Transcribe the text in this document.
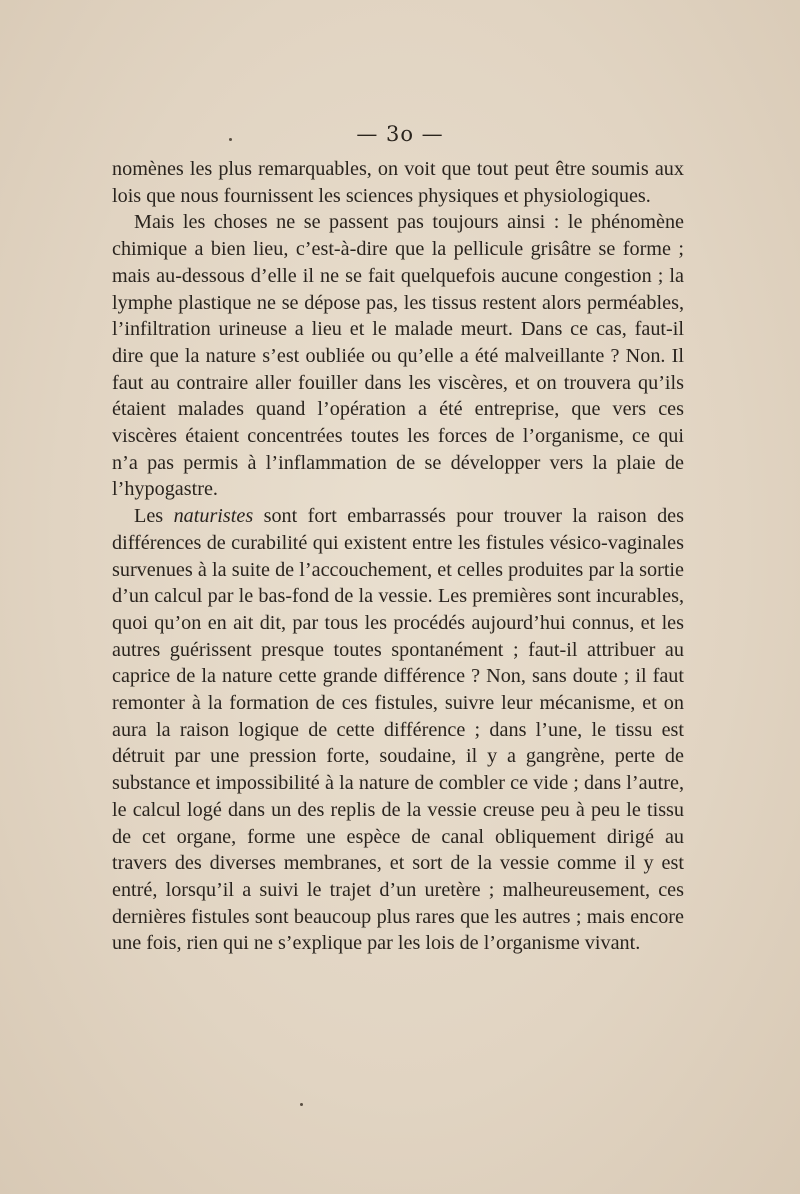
— 3o —

nomènes les plus remarquables, on voit que tout peut être soumis aux lois que nous fournissent les sciences physiques et physiologiques.

Mais les choses ne se passent pas toujours ainsi : le phénomène chimique a bien lieu, c’est-à-dire que la pellicule grisâtre se forme ; mais au-dessous d’elle il ne se fait quelquefois aucune congestion ; la lymphe plastique ne se dépose pas, les tissus restent alors perméables, l’infiltration urineuse a lieu et le malade meurt. Dans ce cas, faut-il dire que la nature s’est oubliée ou qu’elle a été malveillante ? Non. Il faut au contraire aller fouiller dans les viscères, et on trouvera qu’ils étaient malades quand l’opération a été entreprise, que vers ces viscères étaient concentrées toutes les forces de l’organisme, ce qui n’a pas permis à l’inflammation de se développer vers la plaie de l’hypogastre.

Les naturistes sont fort embarrassés pour trouver la raison des différences de curabilité qui existent entre les fistules vésico-vaginales survenues à la suite de l’accouchement, et celles produites par la sortie d’un calcul par le bas-fond de la vessie. Les premières sont incurables, quoi qu’on en ait dit, par tous les procédés aujourd’hui connus, et les autres guérissent presque toutes spontanément ; faut-il attribuer au caprice de la nature cette grande différence ? Non, sans doute ; il faut remonter à la formation de ces fistules, suivre leur mécanisme, et on aura la raison logique de cette différence ; dans l’une, le tissu est détruit par une pression forte, soudaine, il y a gangrène, perte de substance et impossibilité à la nature de combler ce vide ; dans l’autre, le calcul logé dans un des replis de la vessie creuse peu à peu le tissu de cet organe, forme une espèce de canal obliquement dirigé au travers des diverses membranes, et sort de la vessie comme il y est entré, lorsqu’il a suivi le trajet d’un uretère ; malheureusement, ces dernières fistules sont beaucoup plus rares que les autres ; mais encore une fois, rien qui ne s’explique par les lois de l’organisme vivant.
